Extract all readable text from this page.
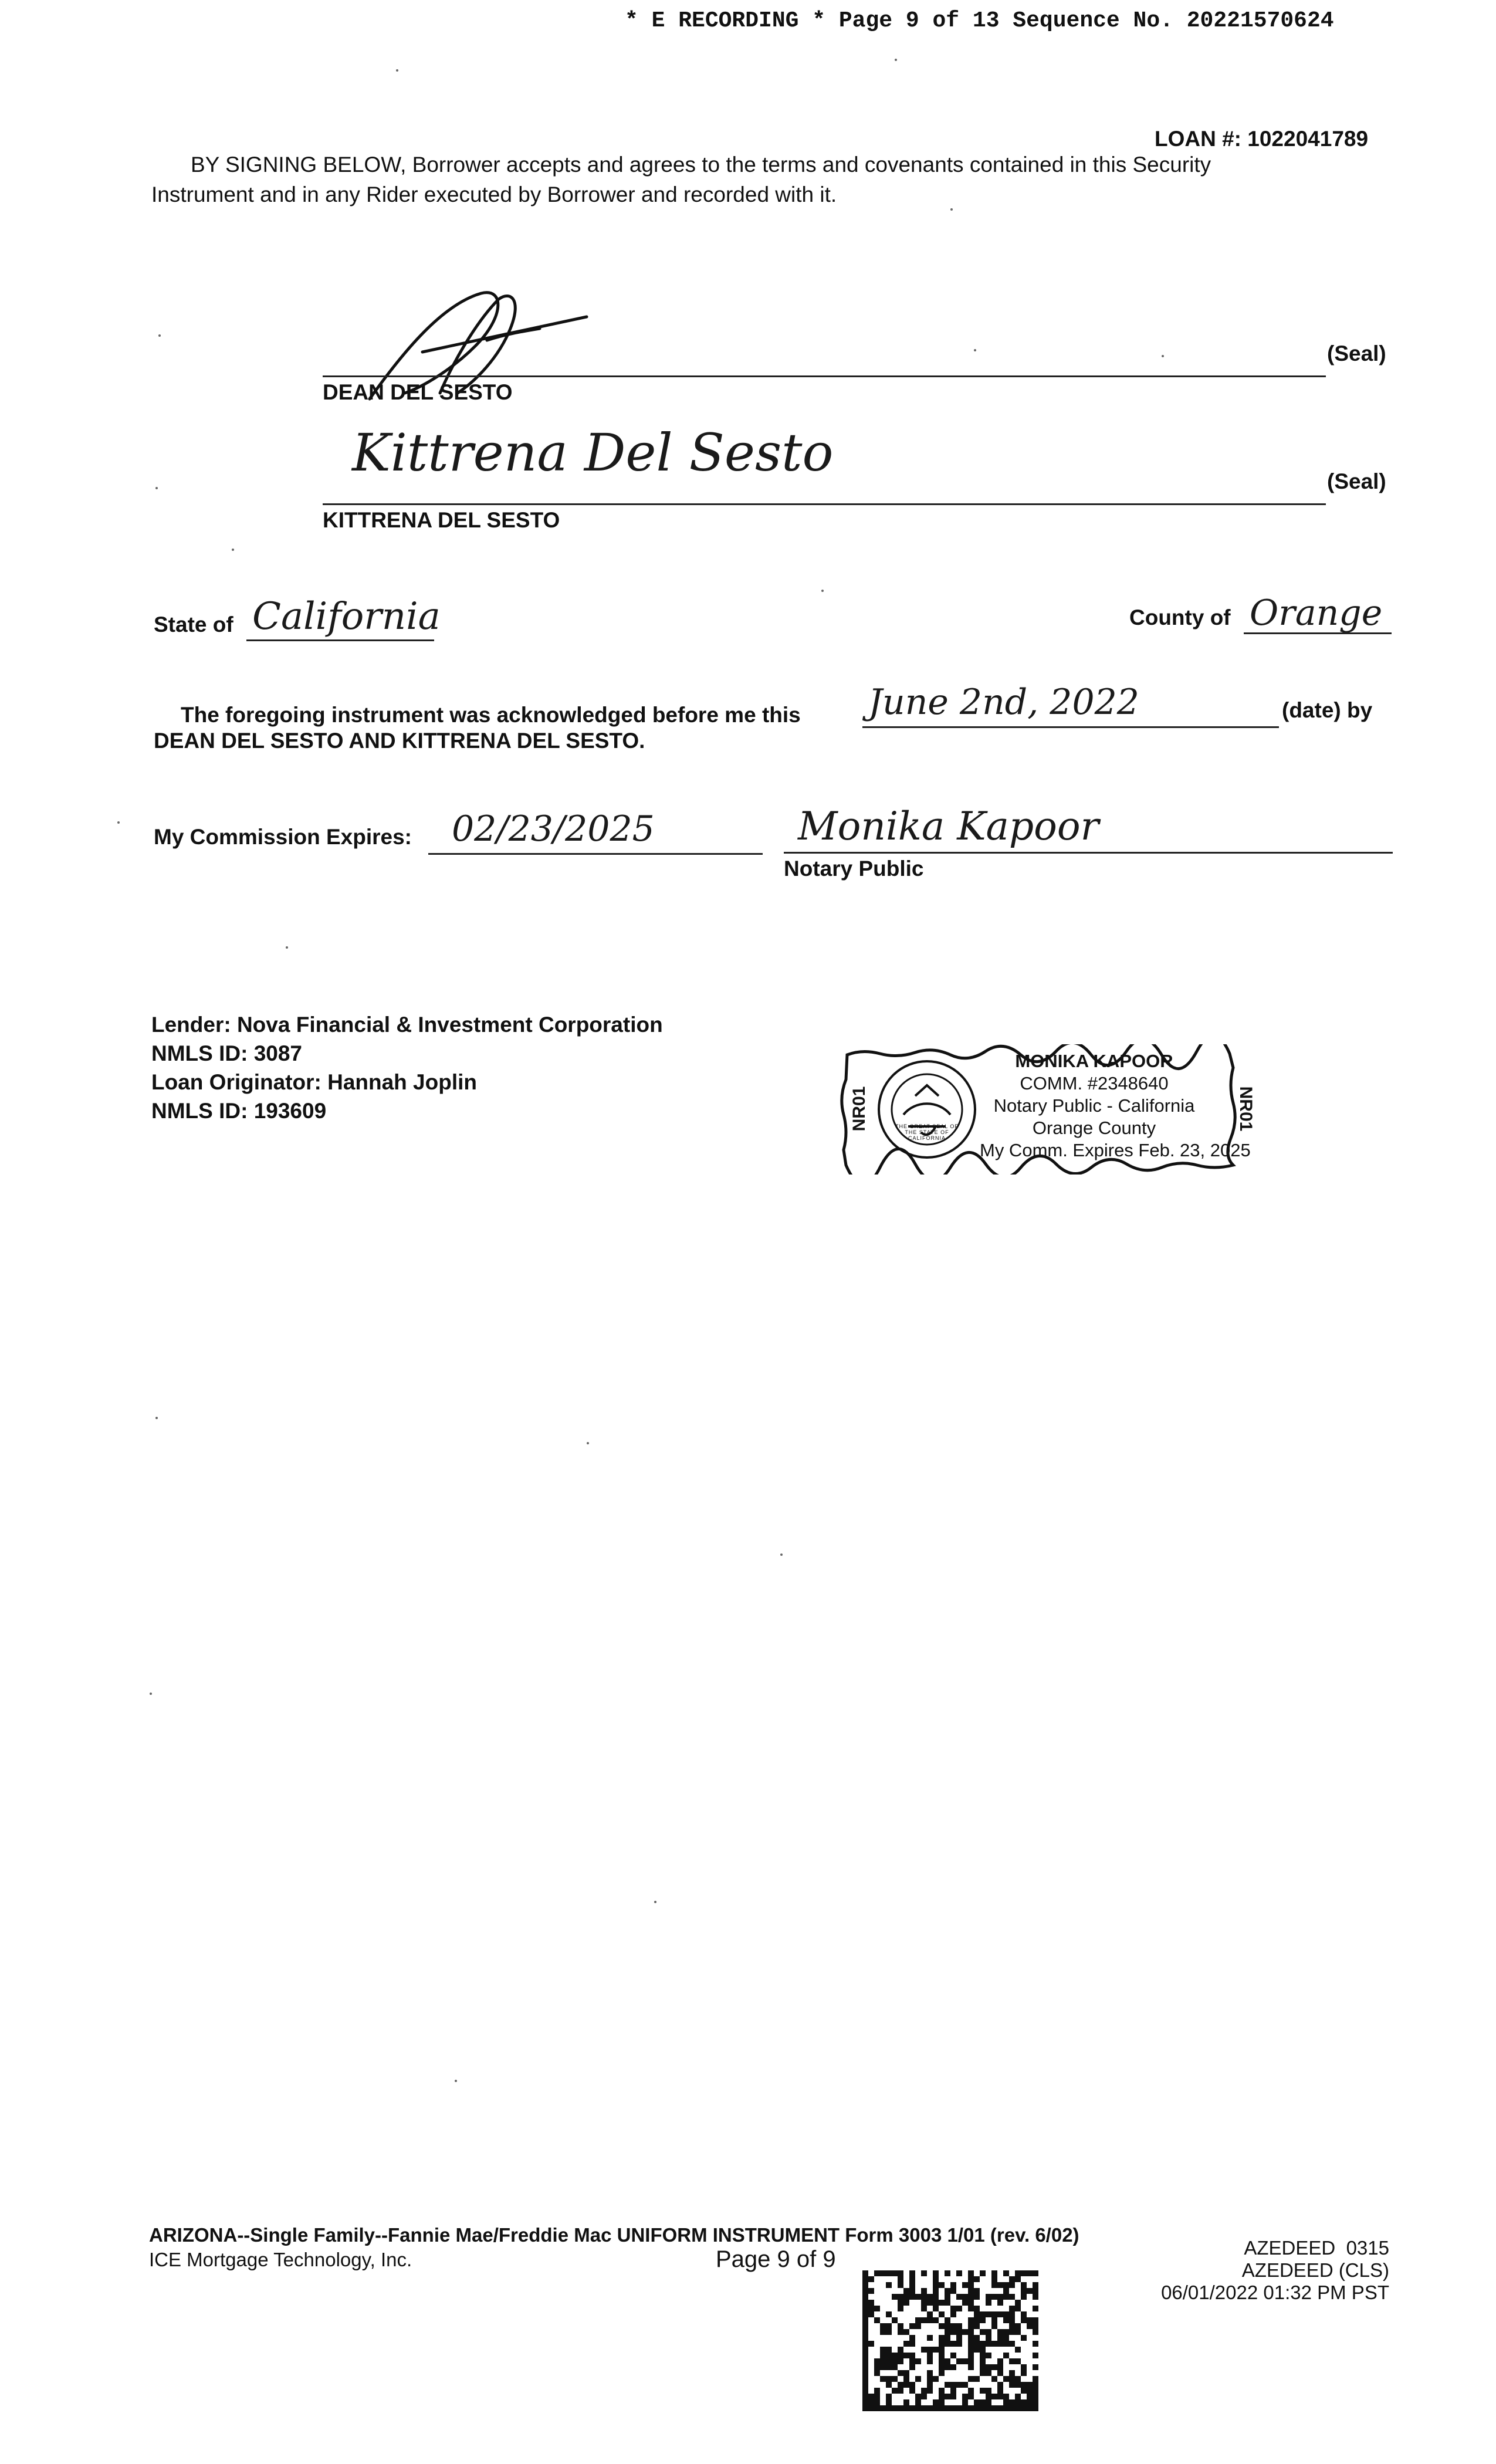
* E RECORDING * Page 9 of 13 Sequence No. 20221570624
LOAN #: 1022041789
BY SIGNING BELOW, Borrower accepts and agrees to the terms and covenants contained in this Security
Instrument and in any Rider executed by Borrower and recorded with it.
DEAN DEL SESTO
(Seal)
Kittrena Del Sesto
KITTRENA DEL SESTO
(Seal)
State of California	County of Orange
The foregoing instrument was acknowledged before me this June 2nd, 2022	(date) by
DEAN DEL SESTO AND KITTRENA DEL SESTO.
My Commission Expires: 02/23/2025	Monika Kapoor
Notary Public
Lender: Nova Financial & Investment Corporation
NMLS ID: 3087
Loan Originator: Hannah Joplin
NMLS ID: 193609	NR01	NR01
THE GREAT SEAL OF THE STATE OF CALIFORNIA
MONIKA KAPOOR
COMM. #2348640
Notary Public - California
Orange County
My Comm. Expires Feb. 23, 2025
ARIZONA--Single Family--Fannie Mae/Freddie Mac UNIFORM INSTRUMENT Form 3003 1/01 (rev. 6/02)
ICE Mortgage Technology, Inc.	Page 9 of 9	AZEDEED  0315
AZEDEED (CLS)
06/01/2022 01:32 PM PST
